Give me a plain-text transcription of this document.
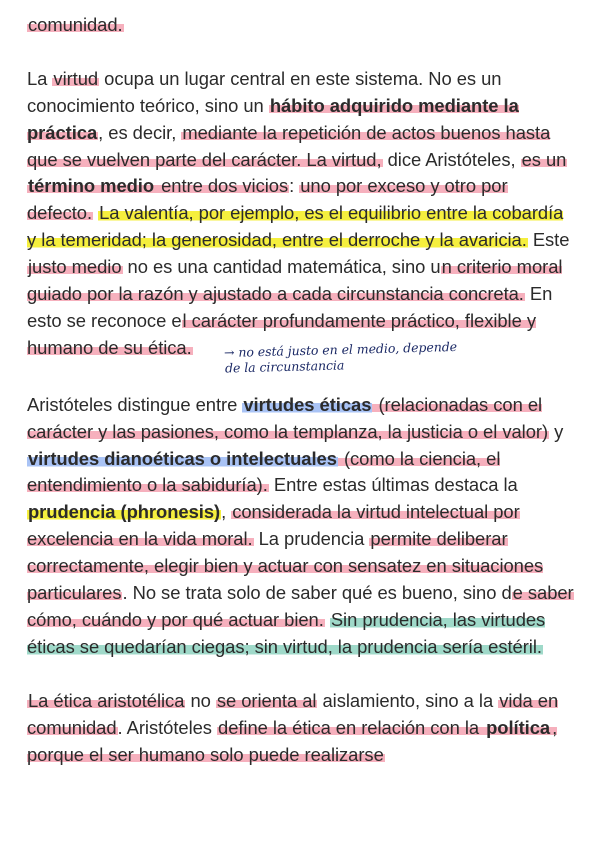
comunidad.

La virtud ocupa un lugar central en este sistema. No es un conocimiento teórico, sino un hábito adquirido mediante la práctica, es decir, mediante la repetición de actos buenos hasta que se vuelven parte del carácter. La virtud, dice Aristóteles, es un término medio entre dos vicios: uno por exceso y otro por defecto. La valentía, por ejemplo, es el equilibrio entre la cobardía y la temeridad; la generosidad, entre el derroche y la avaricia. Este justo medio no es una cantidad matemática, sino un criterio moral guiado por la razón y ajustado a cada circunstancia concreta. En esto se reconoce el carácter profundamente práctico, flexible y humano de su ética.	→ no está justo en el medio, depende
de la circunstancia

Aristóteles distingue entre virtudes éticas (relacionadas con el carácter y las pasiones, como la templanza, la justicia o el valor) y virtudes dianoéticas o intelectuales (como la ciencia, el entendimiento o la sabiduría). Entre estas últimas destaca la prudencia (phronesis), considerada la virtud intelectual por excelencia en la vida moral. La prudencia permite deliberar correctamente, elegir bien y actuar con sensatez en situaciones particulares. No se trata solo de saber qué es bueno, sino de saber cómo, cuándo y por qué actuar bien. Sin prudencia, las virtudes éticas se quedarían ciegas; sin virtud, la prudencia sería estéril.

La ética aristotélica no se orienta al aislamiento, sino a la vida en comunidad. Aristóteles define la ética en relación con la política , porque el ser humano solo puede realizarse
